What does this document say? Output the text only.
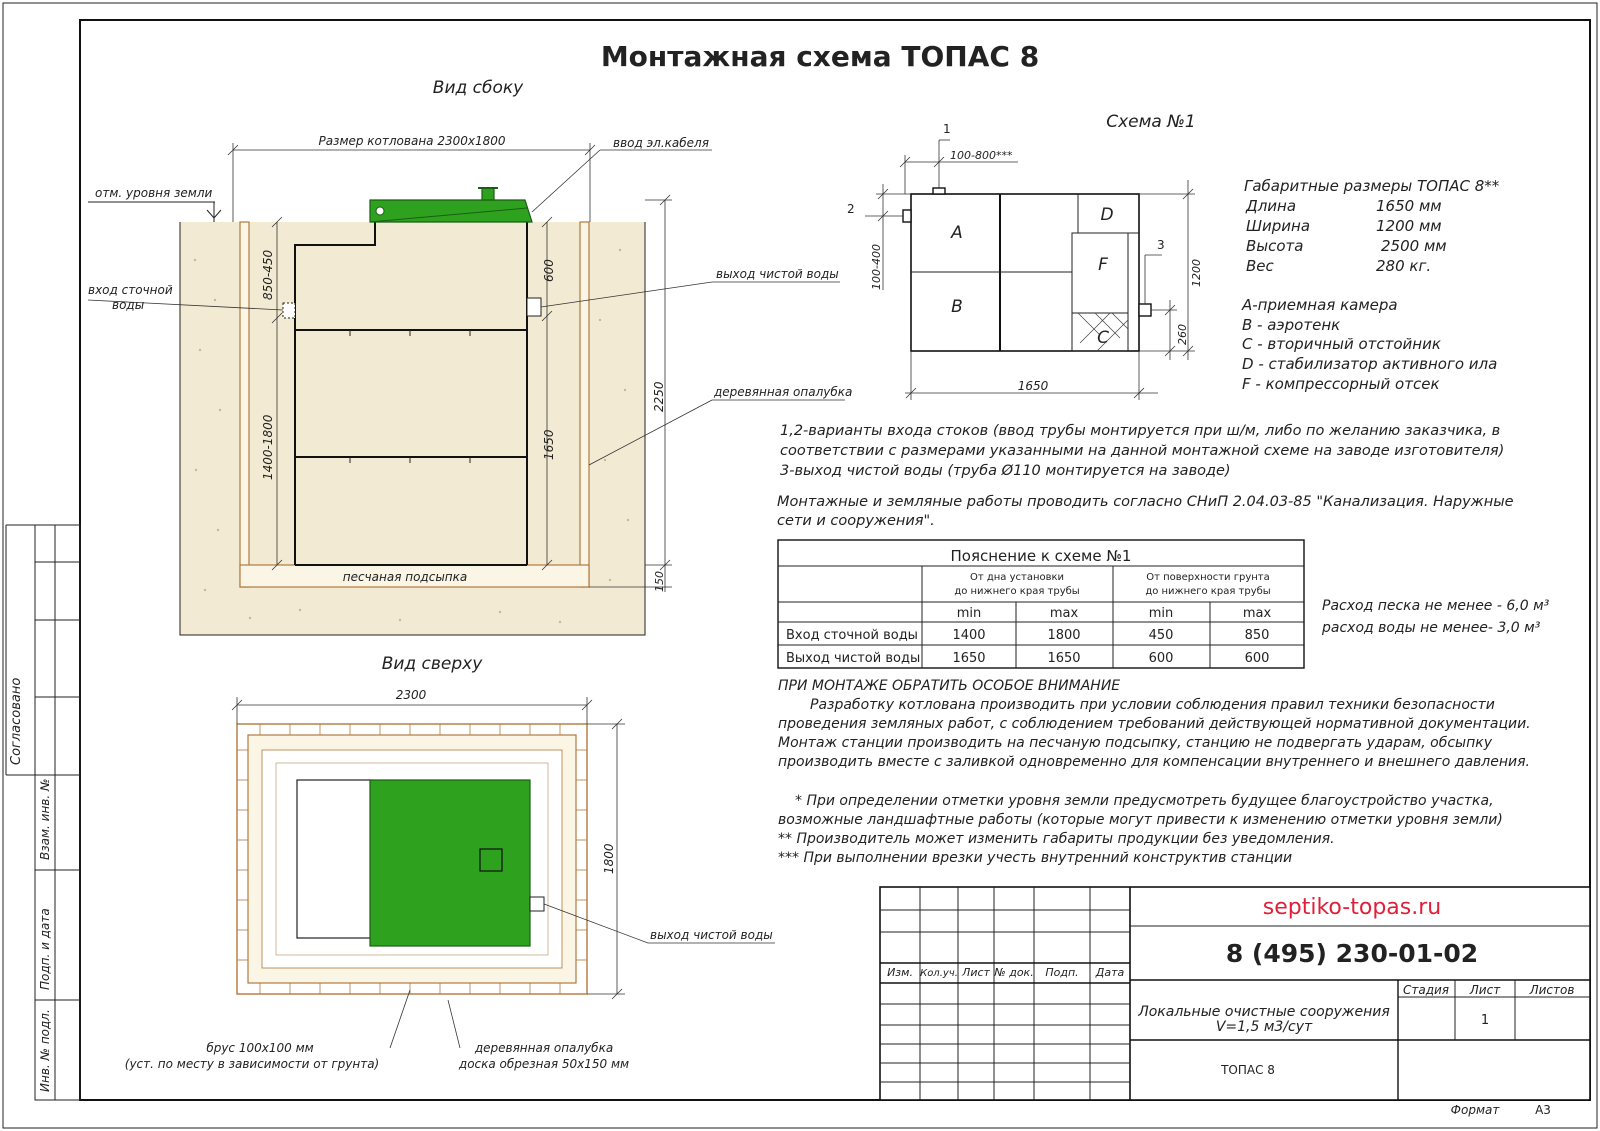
Согласовано
Взам. инв. №
Подп. и дата
Инв. № подл.
Монтажная схема ТОПАС 8
Вид сбоку
песчаная подсыпка
отм. уровня земли
Размер котлована 2300х1800	ввод эл.кабеля
вход сточной
воды
выход чистой воды
деревянная опалубка
850-450
1400-1800
600
1650
2250
150
Вид сверху
2300
1800
выход чистой воды
брус 100х100 мм
(уст. по месту в зависимости от грунта)
деревянная опалубка
доска обрезная 50х150 мм
Схема №1
A
B
D
F
C
1
2
3
100-800***
100-400	1200
260
1650
Габаритные размеры ТОПАС 8**
Длина	1650 мм
Ширина	1200 мм
Высота	2500 мм
Вес	280 кг.
А-приемная камера
В - аэротенк
С - вторичный отстойник
D - стабилизатор активного ила
F - компрессорный отсек
1,2-варианты входа стоков (ввод трубы монтируется при ш/м, либо по желанию заказчика, в
соответствии с размерами указанными на данной монтажной схеме на заводе изготовителя)
3-выход чистой воды (труба Ø110 монтируется на заводе)
Монтажные и земляные работы проводить согласно СНиП 2.04.03-85 "Канализация. Наружные
сети и сооружения".
Расход песка не менее - 6,0 м³
расход воды не менее- 3,0 м³
Пояснение к схеме №1
От дна установки
до нижнего края трубы
От поверхности грунта
до нижнего края трубы
min	max	min	max
Вход сточной воды	1400	1800	450	850
Выход чистой воды 1650	1650	600	600
ПРИ МОНТАЖЕ ОБРАТИТЬ ОСОБОЕ ВНИМАНИЕ
Разработку котлована производить при условии соблюдения правил техники безопасности
проведения земляных работ, с соблюдением требований действующей нормативной документации.
Монтаж станции производить на песчаную подсыпку, станцию не подвергать ударам, обсыпку
производить вместе с заливкой одновременно для компенсации внутреннего и внешнего давления.
* При определении отметки уровня земли предусмотреть будущее благоустройство участка,
возможные ландшафтные работы (которые могут привести к изменению отметки уровня земли)
** Производитель может изменить габариты продукции без уведомления.
*** При выполнении врезки учесть внутренний конструктив станции
Изм. Кол.уч. Лист № док. Подп. Дата
septiko-topas.ru
8 (495) 230-01-02
Стадия Лист Листов
1
Локальные очистные сооружения
V=1,5 м3/сут
ТОПАС 8
Формат	А3
